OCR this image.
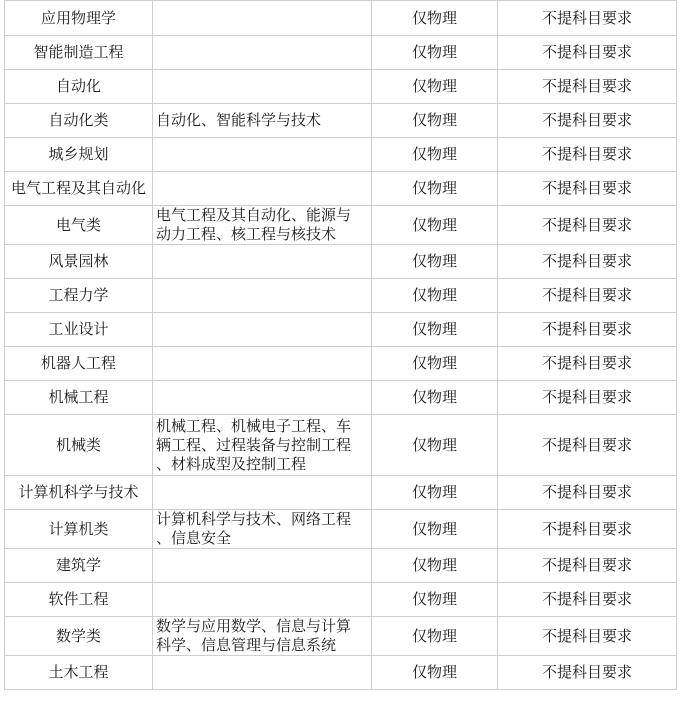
应用物理学		仅物理	不提科目要求
智能制造工程		仅物理	不提科目要求
自动化		仅物理	不提科目要求
自动化类	自动化、智能科学与技术	仅物理	不提科目要求
城乡规划		仅物理	不提科目要求
电气工程及其自动化		仅物理	不提科目要求
电气类	电气工程及其自动化、能源与
动力工程、核工程与核技术	仅物理	不提科目要求
风景园林		仅物理	不提科目要求
工程力学		仅物理	不提科目要求
工业设计		仅物理	不提科目要求
机器人工程		仅物理	不提科目要求
机械工程		仅物理	不提科目要求
机械类	机械工程、机械电子工程、车
辆工程、过程装备与控制工程
、材料成型及控制工程	仅物理	不提科目要求
计算机科学与技术		仅物理	不提科目要求
计算机类	计算机科学与技术、网络工程
、信息安全	仅物理	不提科目要求
建筑学		仅物理	不提科目要求
软件工程		仅物理	不提科目要求
数学类	数学与应用数学、信息与计算
科学、信息管理与信息系统	仅物理	不提科目要求
土木工程		仅物理	不提科目要求
